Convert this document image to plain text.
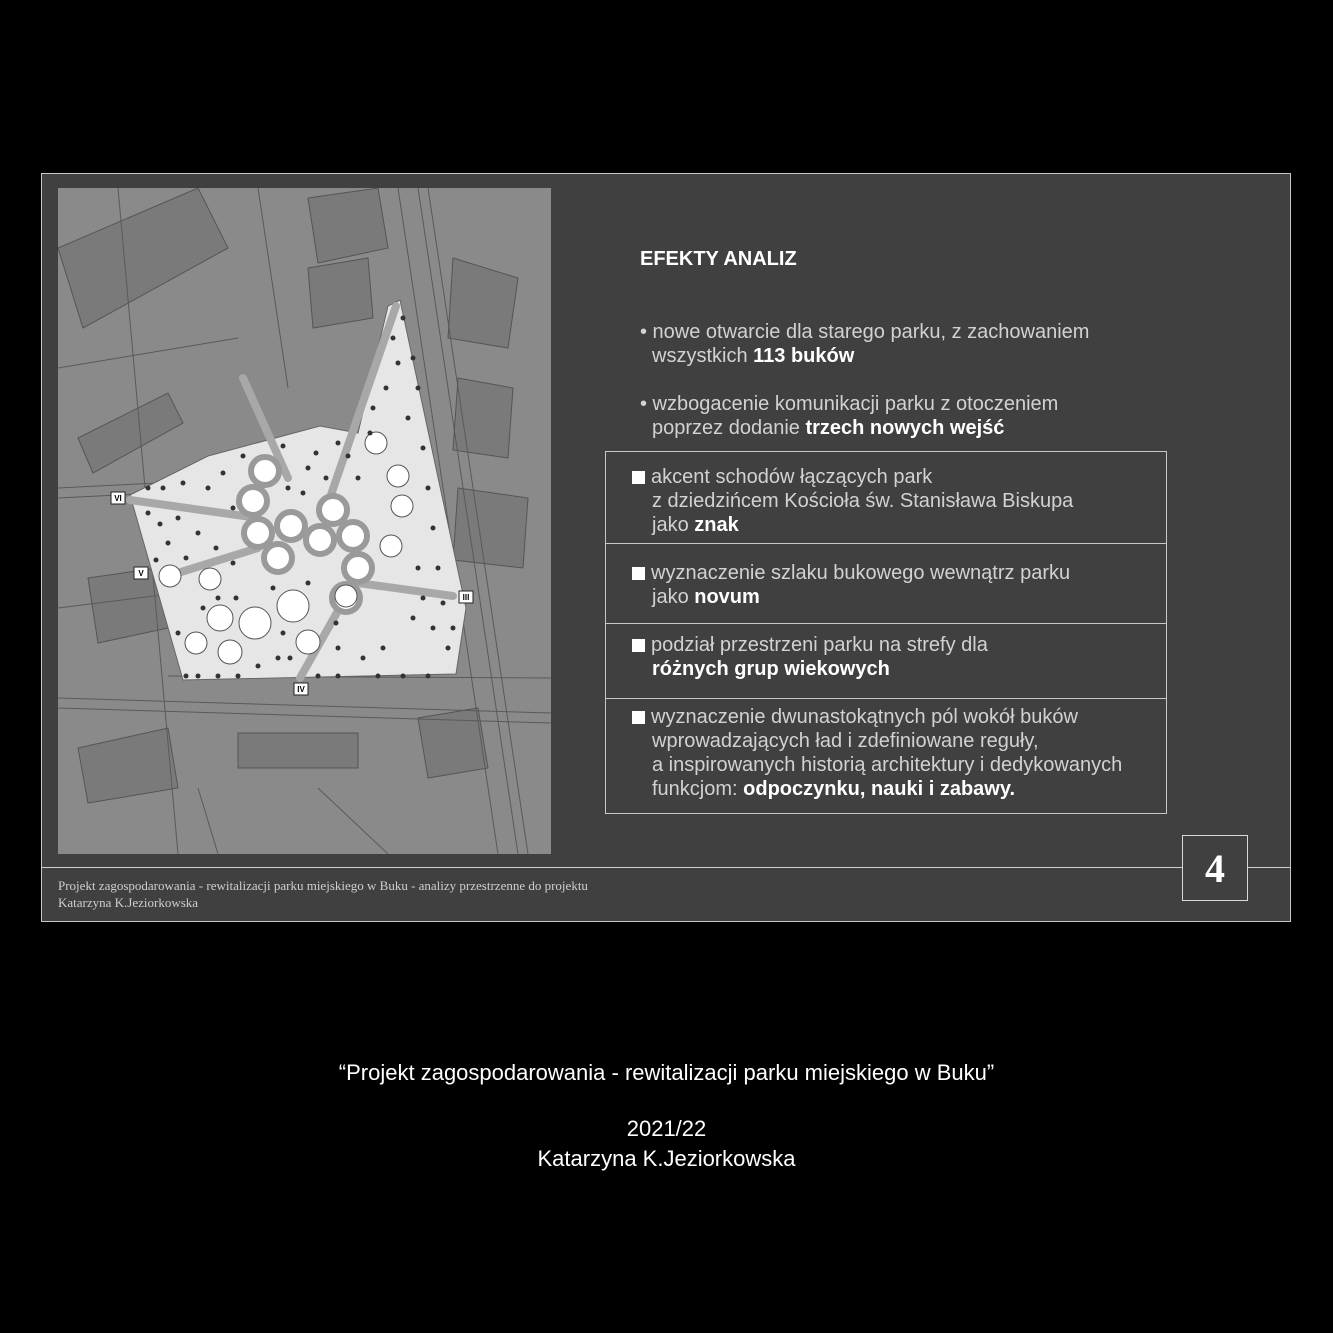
VI
V
III
IV
EFEKTY ANALIZ
• nowe otwarcie dla starego parku, z zachowaniem
wszystkich 113 buków
• wzbogacenie komunikacji parku z otoczeniem
poprzez dodanie trzech nowych wejść
akcent schodów łączących park
z dziedzińcem Kościoła św. Stanisława Biskupa
jako znak
wyznaczenie szlaku bukowego wewnątrz parku
jako novum
podział przestrzeni parku na strefy dla
różnych grup wiekowych
wyznaczenie dwunastokątnych pól wokół buków
wprowadzających ład i zdefiniowane reguły,
a inspirowanych historią architektury i dedykowanych
funkcjom: odpoczynku, nauki i zabawy.
Projekt zagospodarowania - rewitalizacji parku miejskiego w Buku - analizy przestrzenne do projektu
Katarzyna K.Jeziorkowska
4
“Projekt zagospodarowania - rewitalizacji parku miejskiego w Buku”
2021/22
Katarzyna K.Jeziorkowska
